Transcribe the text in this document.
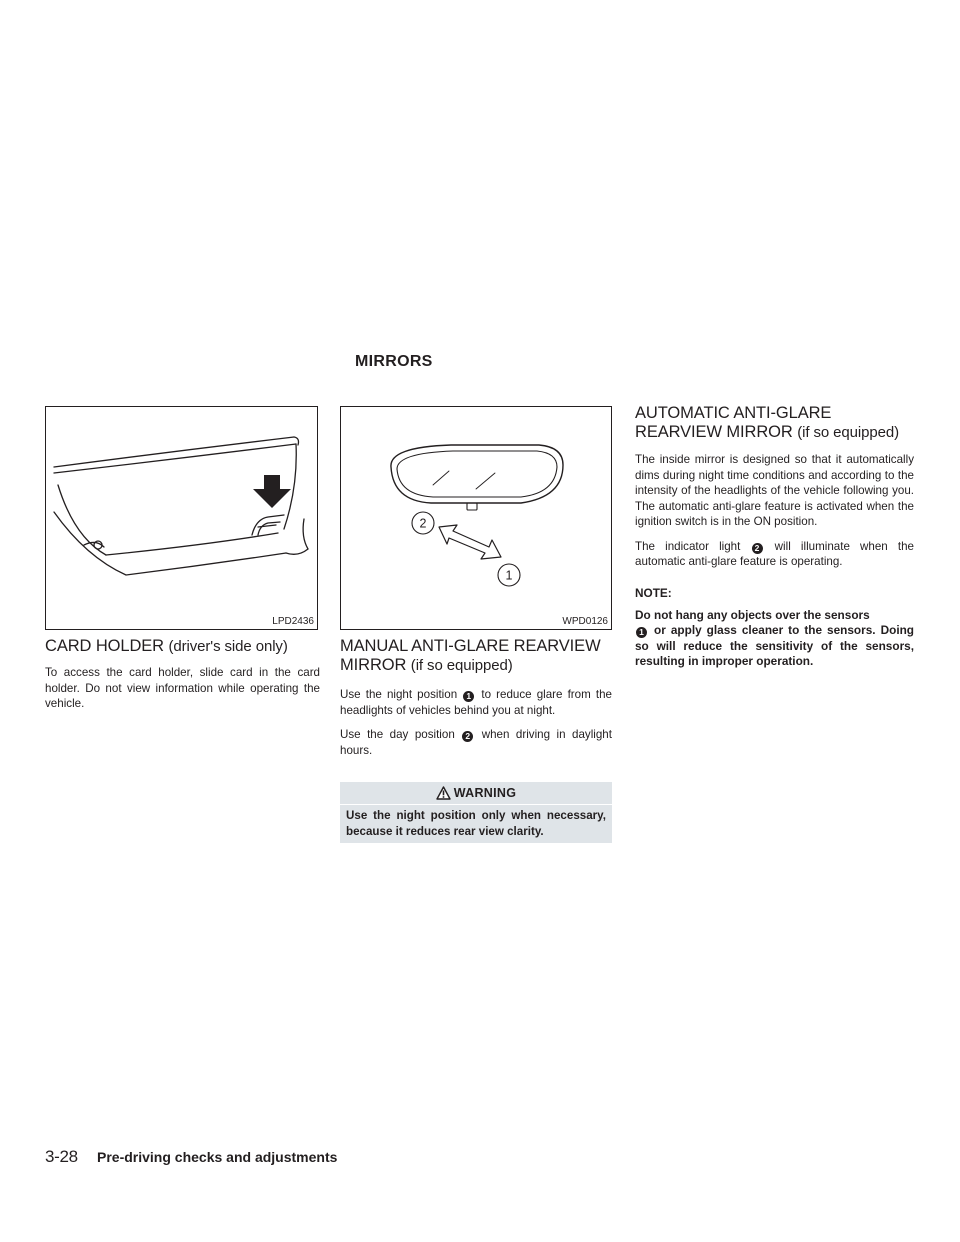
MIRRORS
LPD2436
CARD HOLDER (driver's side only)

To access the card holder, slide card in the card holder. Do not view information while operating the vehicle.

2
1
WPD0126
MANUAL ANTI-GLARE REARVIEW
MIRROR (if so equipped)

Use the night position 1 to reduce glare from the headlights of vehicles behind you at night.

Use the day position 2 when driving in daylight hours.

WARNING
Use the night position only when necessary, because it reduces rear view clarity.
AUTOMATIC ANTI-GLARE
REARVIEW MIRROR (if so equipped)

The inside mirror is designed so that it automatically dims during night time conditions and according to the intensity of the headlights of the vehicle following you. The automatic anti-glare feature is activated when the ignition switch is in the ON position.

The indicator light 2 will illuminate when the automatic anti-glare feature is operating.

NOTE:

Do not hang any objects over the sensors
1 or apply glass cleaner to the sensors. Doing so will reduce the sensitivity of the sensors, resulting in improper operation.

3-28 Pre-driving checks and adjustments
